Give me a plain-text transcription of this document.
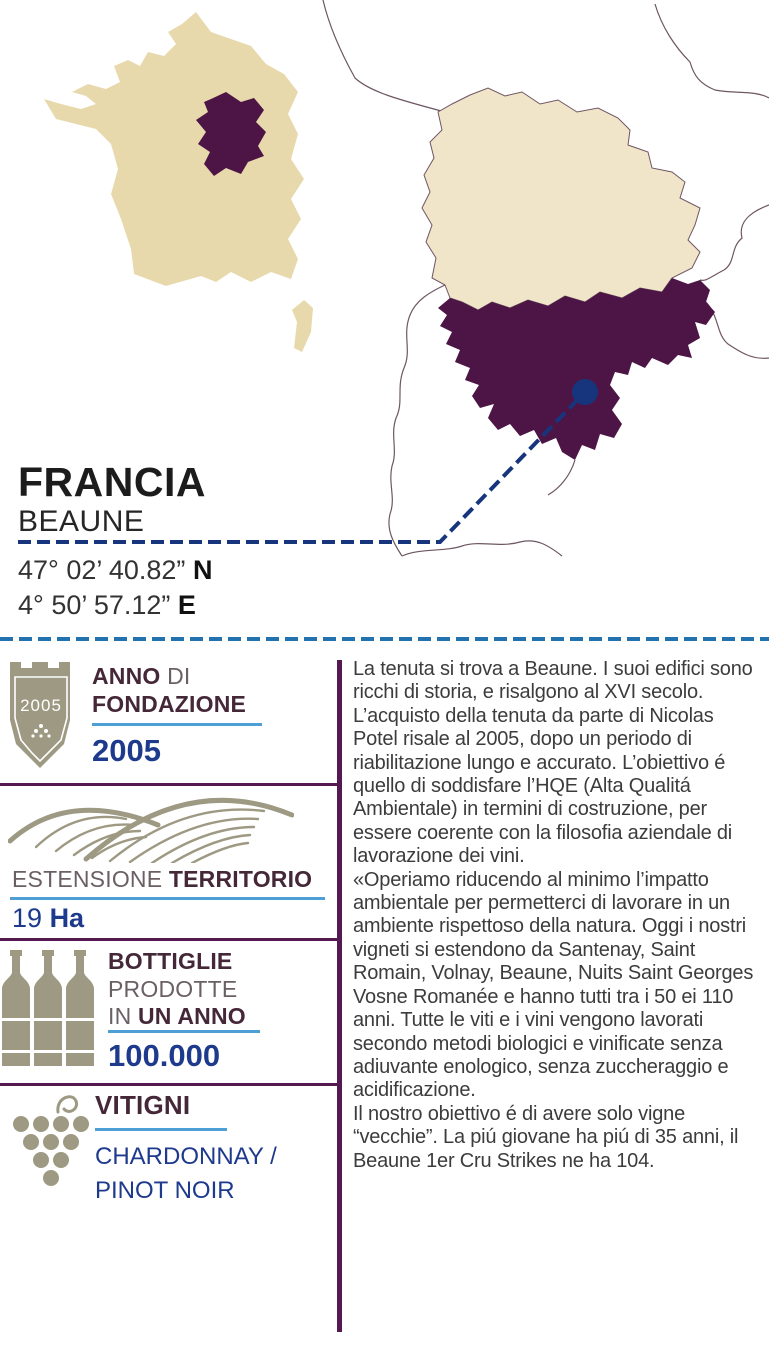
FRANCIA
BEAUNE
47° 02’ 40.82” N
4° 50’ 57.12” E
2005
ANNO DI
FONDAZIONE
2005
ESTENSIONE TERRITORIO
19 Ha
BOTTIGLIE
PRODOTTE
IN UN ANNO
100.000
VITIGNI
CHARDONNAY /
PINOT NOIR

La tenuta si trova a Beaune. I suoi edifici sono ricchi di storia, e risalgono al XVI secolo.

L’acquisto della tenuta da parte di Nicolas Potel risale al 2005, dopo un periodo di riabilitazione lungo e accurato. L’obiettivo é quello di soddisfare l’HQE (Alta Qualitá Ambientale) in termini di costruzione, per essere coerente con la filosofia aziendale di lavorazione dei vini.

«Operiamo riducendo al minimo l’impatto ambientale per permetterci di lavorare in un ambiente rispettoso della natura. Oggi i nostri vigneti si estendono da Santenay, Saint Romain, Volnay, Beaune, Nuits Saint Georges Vosne Romanée e hanno tutti tra i 50 ei 110 anni. Tutte le viti e i vini vengono lavorati secondo metodi biologici e vinificate senza adiuvante enologico, senza zuccheraggio e acidificazione.

Il nostro obiettivo é di avere solo vigne “vecchie”. La piú giovane ha piú di 35 anni, il Beaune 1er Cru Strikes ne ha 104.
